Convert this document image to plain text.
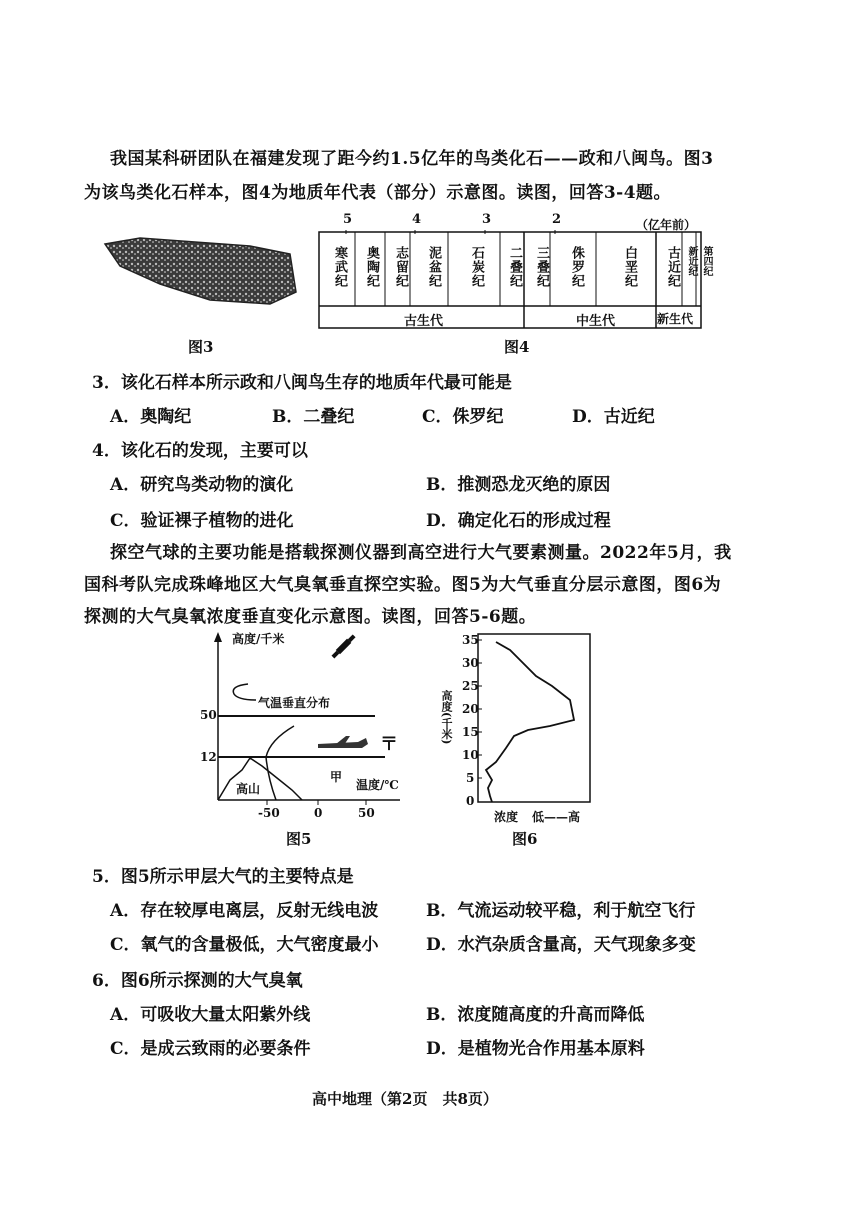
我国某科研团队在福建发现了距今约1.5亿年的鸟类化石——政和八闽鸟。图3
为该鸟类化石样本，图4为地质年代表（部分）示意图。读图，回答3-4题。
图3
5	4	3	2	（亿年前）
寒武纪 奥陶纪 志留纪 泥盆纪 石炭纪 二叠纪 三叠纪 侏罗纪	白垩纪 古近纪 新近纪 第四纪
古生代	中生代	新生代
图4
3．该化石样本所示政和八闽鸟生存的地质年代最可能是
A．奥陶纪	B．二叠纪	C．侏罗纪	D．古近纪
4．该化石的发现，主要可以
A．研究鸟类动物的演化	B．推测恐龙灭绝的原因
C．验证裸子植物的进化	D．确定化石的形成过程
探空气球的主要功能是搭载探测仪器到高空进行大气要素测量。2022年5月，我
国科考队完成珠峰地区大气臭氧垂直探空实验。图5为大气垂直分层示意图，图6为
探测的大气臭氧浓度垂直变化示意图。读图，回答5-6题。
高度/千米
气温垂直分布
50
12
甲
高山	温度/℃
-50	0	50
〒
图5
35
30
25
20
15
10
5
0
高度(千米)
浓度 低——高
图6
5．图5所示甲层大气的主要特点是
A．存在较厚电离层，反射无线电波	B．气流运动较平稳，利于航空飞行
C．氧气的含量极低，大气密度最小	D．水汽杂质含量高，天气现象多变
6．图6所示探测的大气臭氧
A．可吸收大量太阳紫外线	B．浓度随高度的升高而降低
C．是成云致雨的必要条件	D．是植物光合作用基本原料
高中地理（第2页　共8页）
